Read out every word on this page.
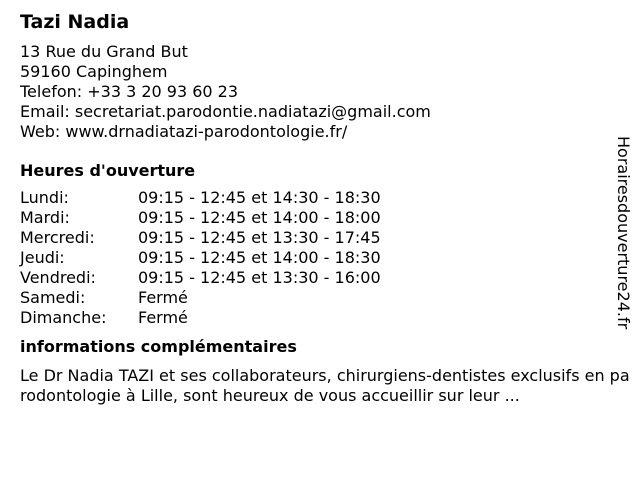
Tazi Nadia
13 Rue du Grand But
59160 Capinghem
Telefon: +33 3 20 93 60 23
Email: secretariat.parodontie.nadiatazi@gmail.com
Web: www.drnadiatazi-parodontologie.fr/
Heures d'ouverture
Lundi:	09:15 - 12:45 et 14:30 - 18:30
Mardi:	09:15 - 12:45 et 14:00 - 18:00
Mercredi:	09:15 - 12:45 et 13:30 - 17:45
Jeudi:	09:15 - 12:45 et 14:00 - 18:30
Vendredi:	09:15 - 12:45 et 13:30 - 16:00
Samedi:	Fermé
Dimanche:	Fermé
informations complémentaires
Le Dr Nadia TAZI et ses collaborateurs, chirurgiens-dentistes exclusifs en parodontologie à Lille, sont heureux de vous accueillir sur leur ...
Horairesdouverture24.fr
